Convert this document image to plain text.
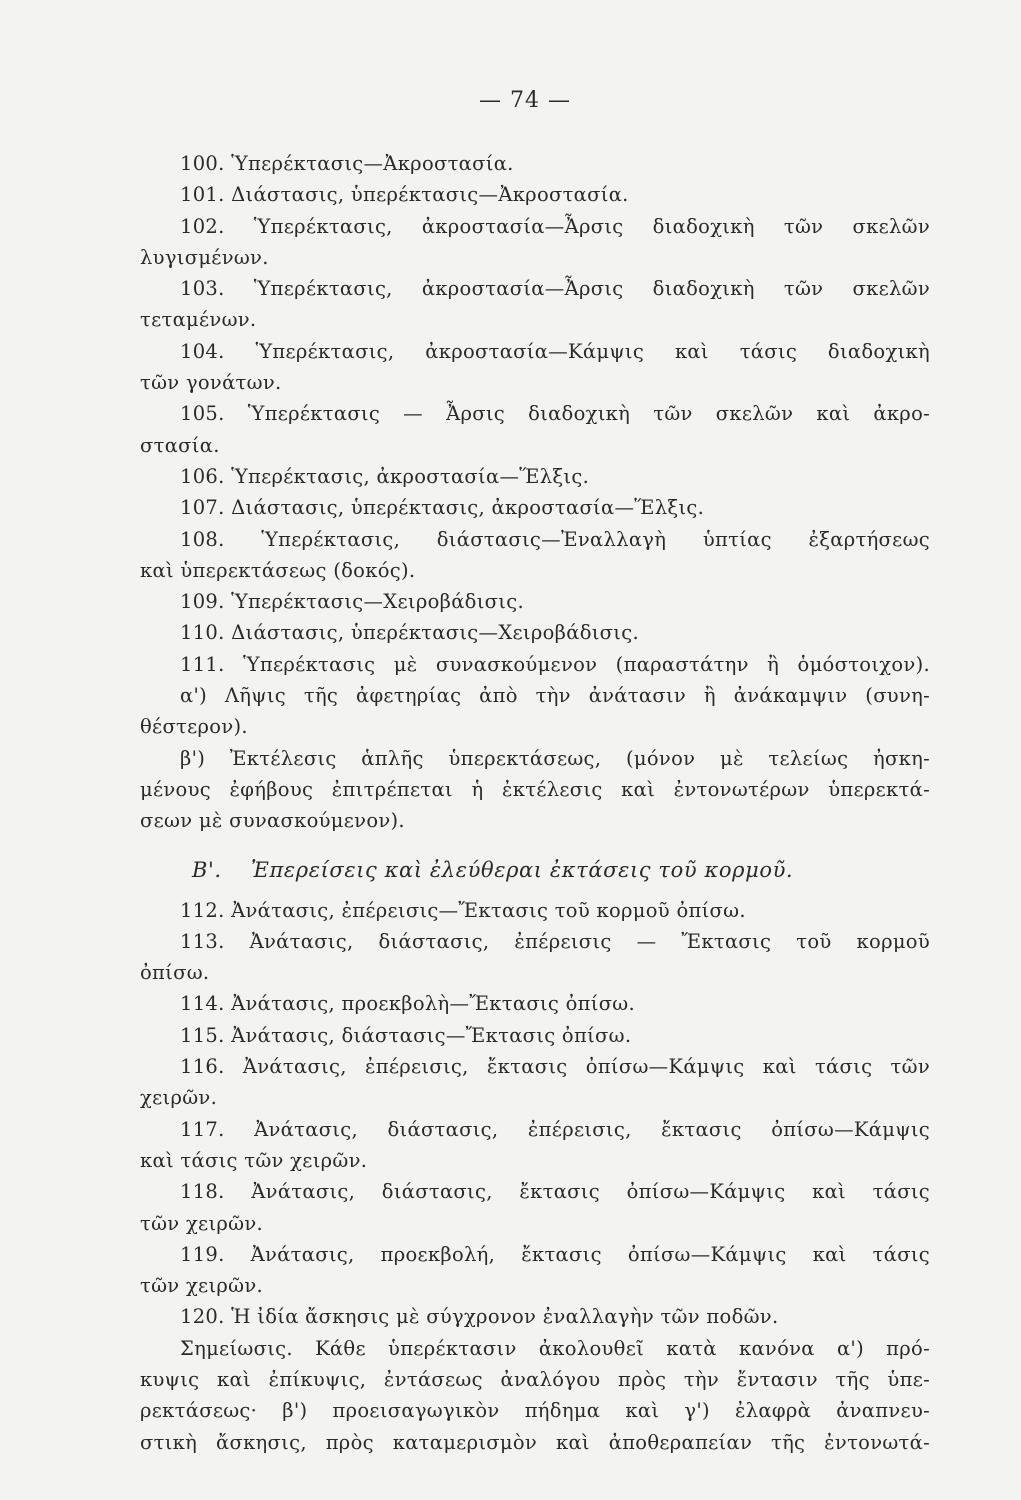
— 74 —
100. Ὑπερέκτασις—Ἀκροστασία.
101. Διάστασις, ὑπερέκτασις—Ἀκροστασία.
102. Ὑπερέκτασις, ἀκροστασία—Ἆρσις διαδοχικὴ τῶν σκελῶν
λυγισμένων.
103. Ὑπερέκτασις, ἀκροστασία—Ἆρσις διαδοχικὴ τῶν σκελῶν
τεταμένων.
104. Ὑπερέκτασις, ἀκροστασία—Κάμψις καὶ τάσις διαδοχικὴ
τῶν γονάτων.
105. Ὑπερέκτασις — Ἆρσις διαδοχικὴ τῶν σκελῶν καὶ ἀκρο-
στασία.
106. Ὑπερέκτασις, ἀκροστασία—Ἕλξις.
107. Διάστασις, ὑπερέκτασις, ἀκροστασία—Ἕλξις.
108. Ὑπερέκτασις, διάστασις—Ἐναλλαγὴ ὑπτίας ἐξαρτήσεως
καὶ ὑπερεκτάσεως (δοκός).
109. Ὑπερέκτασις—Χειροβάδισις.
110. Διάστασις, ὑπερέκτασις—Χειροβάδισις.
111. Ὑπερέκτασις μὲ συνασκούμενον (παραστάτην ἢ ὁμόστοιχον).
α') Λῆψις τῆς ἀφετηρίας ἀπὸ τὴν ἀνάτασιν ἢ ἀνάκαμψιν (συνη-
θέστερον).
β') Ἐκτέλεσις ἁπλῆς ὑπερεκτάσεως, (μόνον μὲ τελείως ἠσκη-
μένους ἐφήβους ἐπιτρέπεται ἡ ἐκτέλεσις καὶ ἐντονωτέρων ὑπερεκτά-
σεων μὲ συνασκούμενον).
Β'. Ἐπερείσεις καὶ ἐλεύθεραι ἐκτάσεις τοῦ κορμοῦ.
112. Ἀνάτασις, ἐπέρεισις—Ἔκτασις τοῦ κορμοῦ ὀπίσω.
113. Ἀνάτασις, διάστασις, ἐπέρεισις — Ἔκτασις τοῦ κορμοῦ
ὀπίσω.
114. Ἀνάτασις, προεκβολὴ—Ἔκτασις ὀπίσω.
115. Ἀνάτασις, διάστασις—Ἔκτασις ὀπίσω.
116. Ἀνάτασις, ἐπέρεισις, ἔκτασις ὀπίσω—Κάμψις καὶ τάσις τῶν
χειρῶν.
117. Ἀνάτασις, διάστασις, ἐπέρεισις, ἔκτασις ὀπίσω—Κάμψις
καὶ τάσις τῶν χειρῶν.
118. Ἀνάτασις, διάστασις, ἔκτασις ὀπίσω—Κάμψις καὶ τάσις
τῶν χειρῶν.
119. Ἀνάτασις, προεκβολή, ἔκτασις ὀπίσω—Κάμψις καὶ τάσις
τῶν χειρῶν.
120. Ἡ ἰδία ἄσκησις μὲ σύγχρονον ἐναλλαγὴν τῶν ποδῶν.
Σημείωσις. Κάθε ὑπερέκτασιν ἀκολουθεῖ κατὰ κανόνα α') πρό-
κυψις καὶ ἐπίκυψις, ἐντάσεως ἀναλόγου πρὸς τὴν ἔντασιν τῆς ὑπε-
ρεκτάσεως· β') προεισαγωγικὸν πήδημα καὶ γ') ἐλαφρὰ ἀναπνευ-
στικὴ ἄσκησις, πρὸς καταμερισμὸν καὶ ἀποθεραπείαν τῆς ἐντονωτά-
